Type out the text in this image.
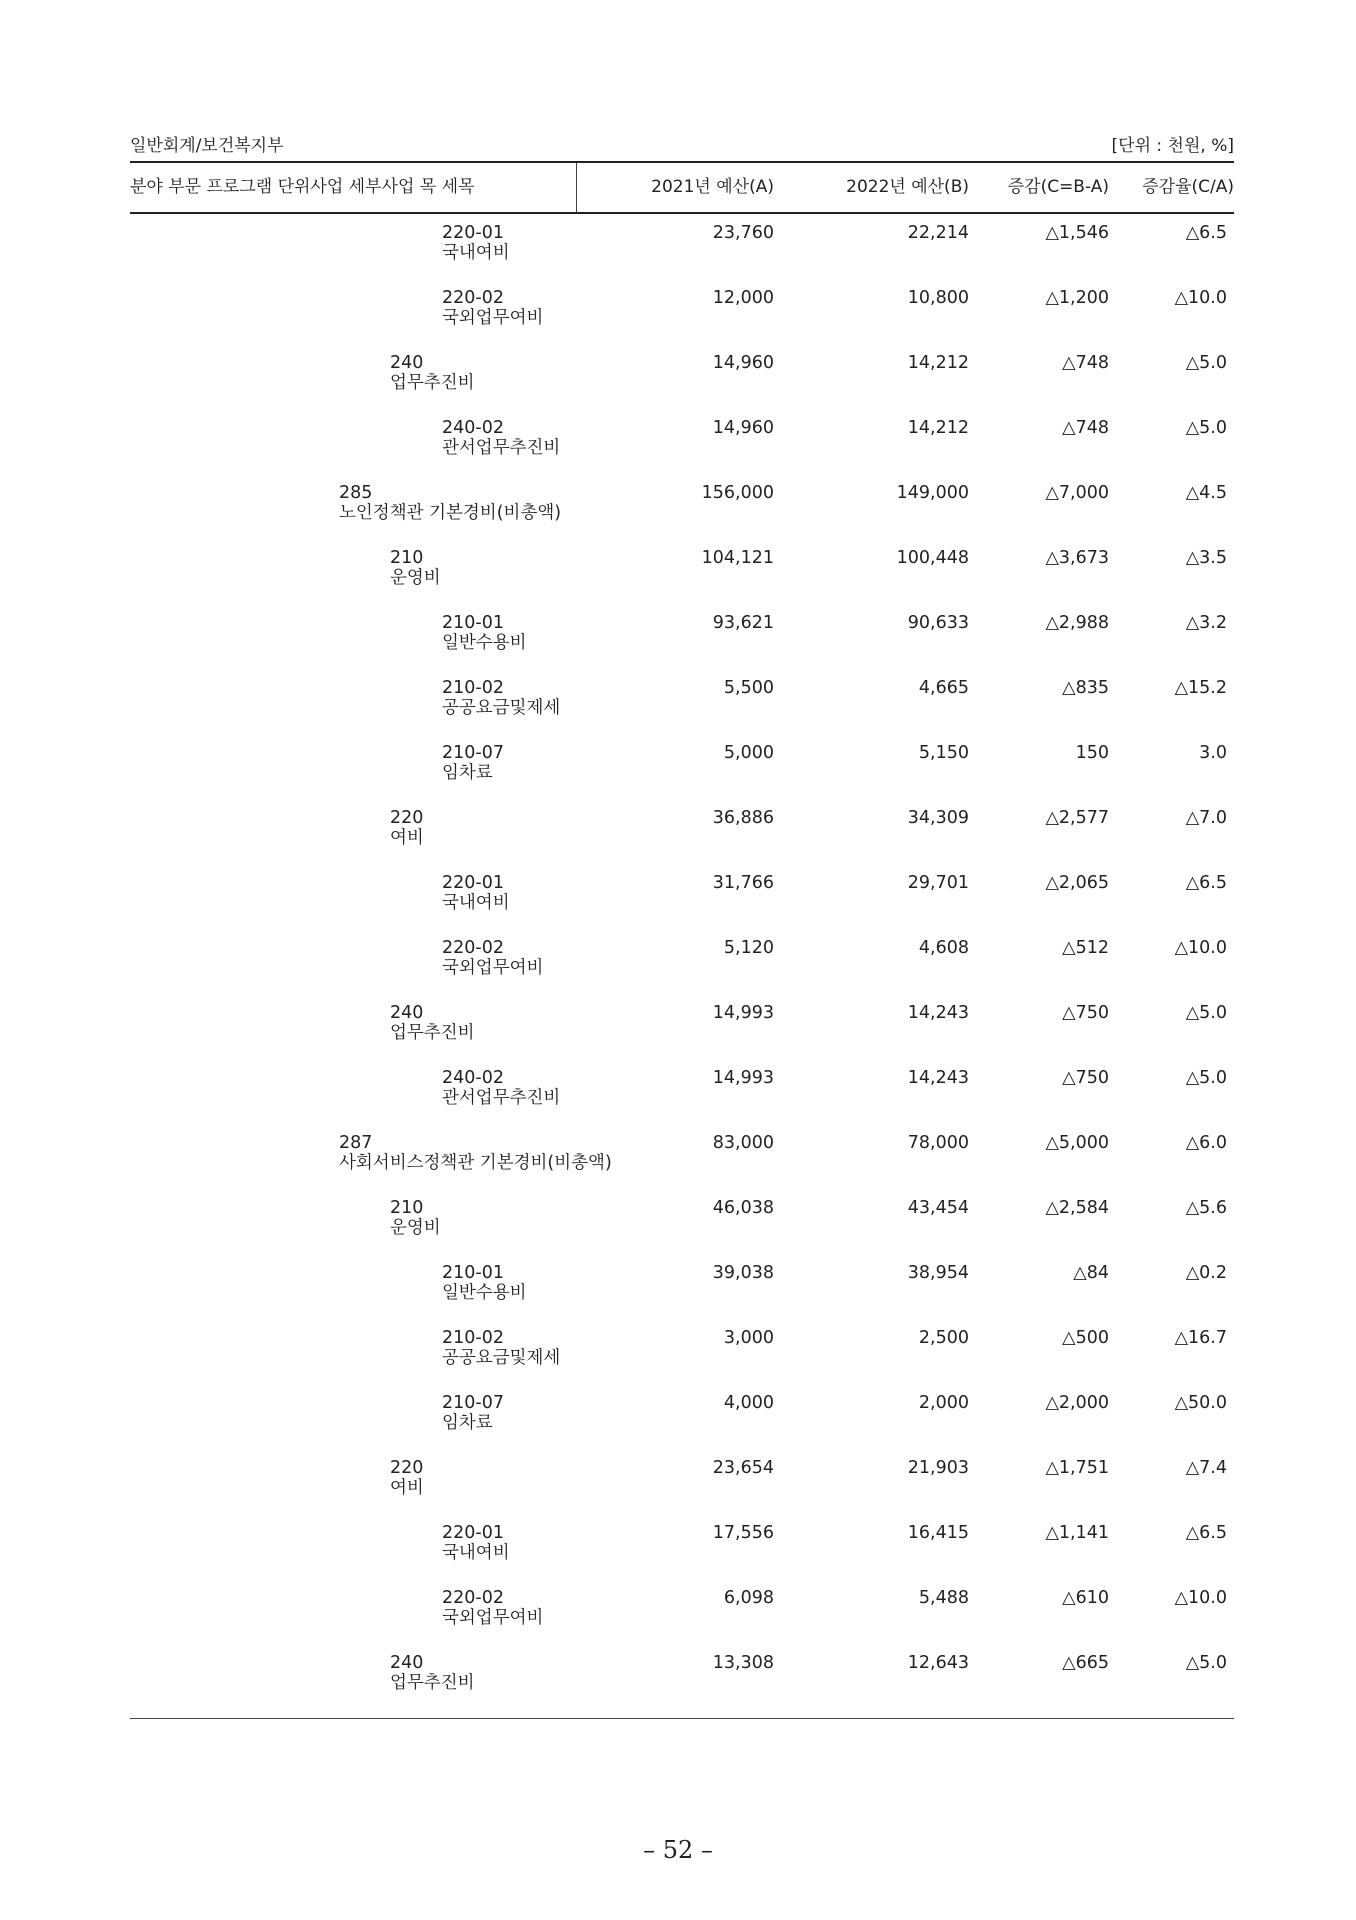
일반회계/보건복지부	[단위 : 천원, %]
분야 부문 프로그램 단위사업 세부사업 목 세목	2021년 예산(A)	2022년 예산(B) 증감(C=B-A) 증감율(C/A)
220-01
국내여비
23,760	22,214	△1,546	△6.5
220-02
국외업무여비
12,000	10,800	△1,200	△10.0
240
업무추진비
14,960	14,212	△748	△5.0
240-02
관서업무추진비
14,960	14,212	△748	△5.0
285
노인정책관 기본경비(비총액)
156,000	149,000	△7,000	△4.5
210
운영비
104,121	100,448	△3,673	△3.5
210-01
일반수용비
93,621	90,633	△2,988	△3.2
210-02
공공요금및제세
5,500	4,665	△835	△15.2
210-07
임차료
5,000	5,150	150	3.0
220
여비
36,886	34,309	△2,577	△7.0
220-01
국내여비
31,766	29,701	△2,065	△6.5
220-02
국외업무여비
5,120	4,608	△512	△10.0
240
업무추진비
14,993	14,243	△750	△5.0
240-02
관서업무추진비
14,993	14,243	△750	△5.0
287
사회서비스정책관 기본경비(비총액)
83,000	78,000	△5,000	△6.0
210
운영비
46,038	43,454	△2,584	△5.6
210-01
일반수용비
39,038	38,954	△84	△0.2
210-02
공공요금및제세
3,000	2,500	△500	△16.7
210-07
임차료
4,000	2,000	△2,000	△50.0
220
여비
23,654	21,903	△1,751	△7.4
220-01
국내여비
17,556	16,415	△1,141	△6.5
220-02
국외업무여비
6,098	5,488	△610	△10.0
240
업무추진비
13,308	12,643	△665	△5.0
– 52 –
